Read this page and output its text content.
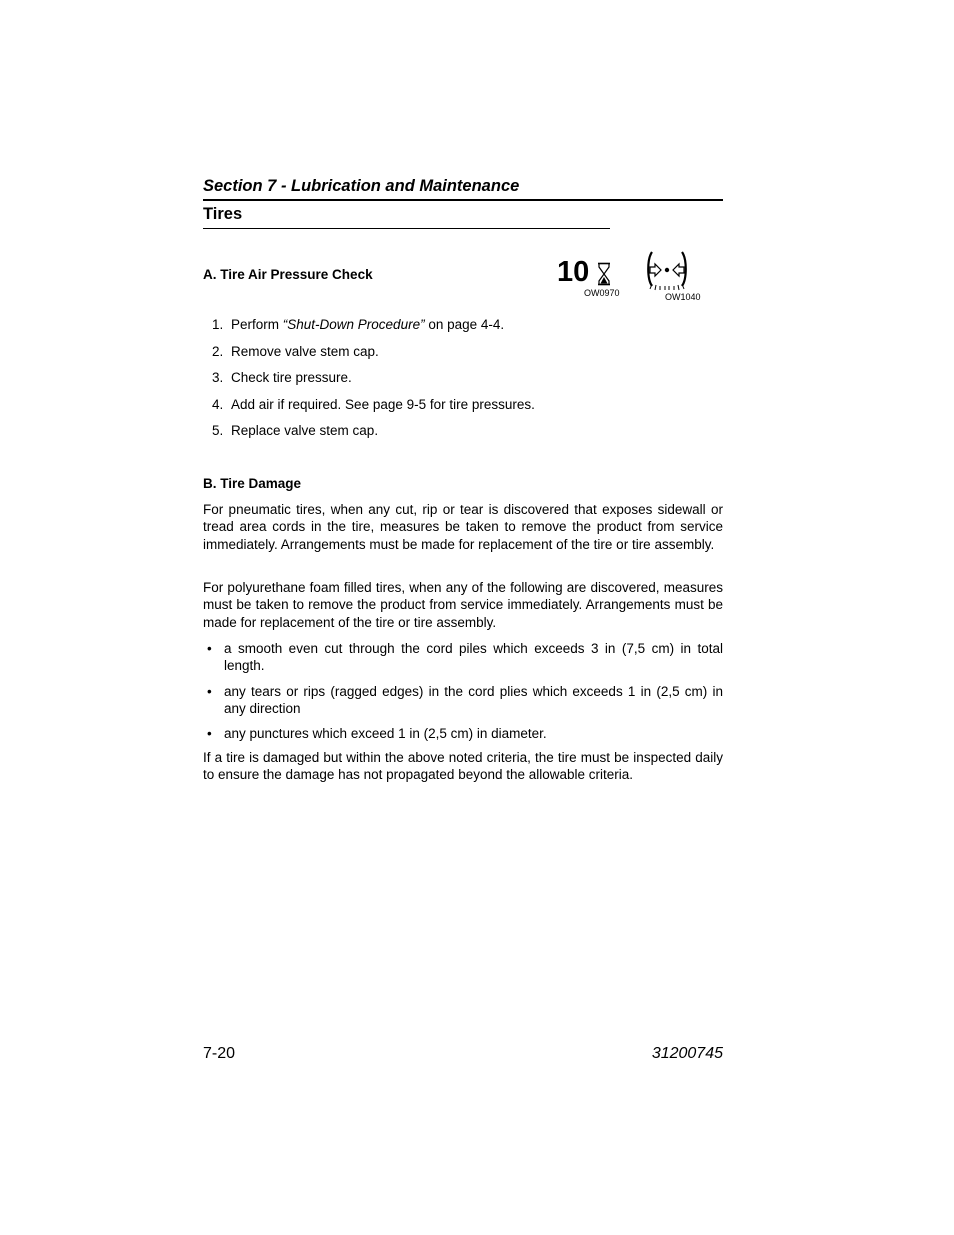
Section 7 - Lubrication and Maintenance
Tires
A. Tire Air Pressure Check	10
OW0970	OW1040
1. Perform “Shut-Down Procedure” on page 4-4.
2. Remove valve stem cap.
3. Check tire pressure.
4. Add air if required. See page 9-5 for tire pressures.
5. Replace valve stem cap.
B. Tire Damage

For pneumatic tires, when any cut, rip or tear is discovered that exposes sidewall or tread area cords in the tire, measures be taken to remove the product from service immediately. Arrangements must be made for replacement of the tire or tire assembly.

For polyurethane foam filled tires, when any of the following are discovered, measures must be taken to remove the product from service immediately. Arrangements must be made for replacement of the tire or tire assembly.

• a smooth even cut through the cord piles which exceeds 3 in (7,5 cm) in total length.
• any tears or rips (ragged edges) in the cord plies which exceeds 1 in (2,5 cm) in any direction
• any punctures which exceed 1 in (2,5 cm) in diameter.

If a tire is damaged but within the above noted criteria, the tire must be inspected daily to ensure the damage has not propagated beyond the allowable criteria.

7-20	31200745
